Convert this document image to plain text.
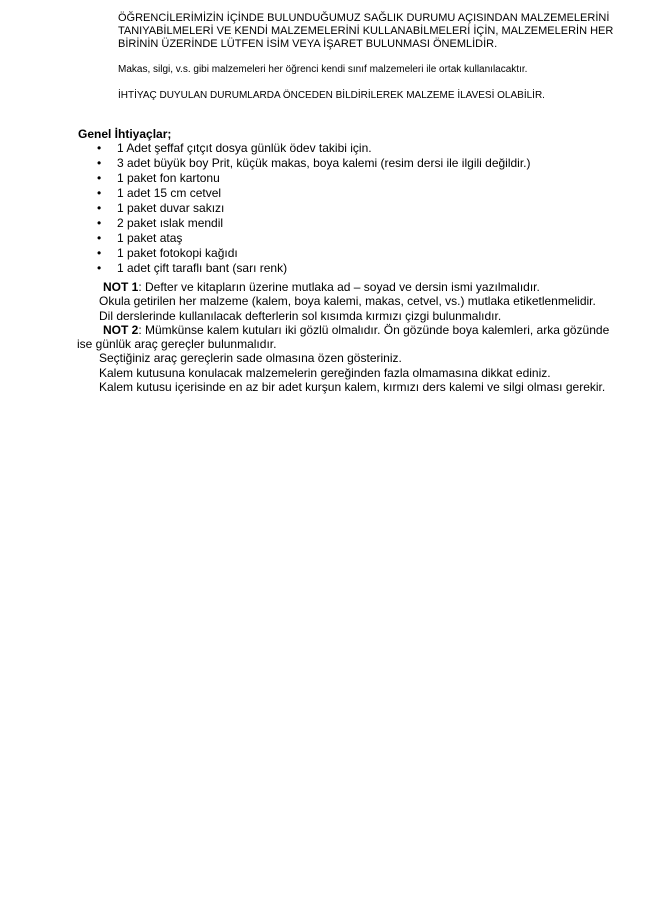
ÖĞRENCİLERİMİZİN İÇİNDE BULUNDUĞUMUZ SAĞLIK DURUMU AÇISINDAN MALZEMELERİNİ TANIYABİLMELERİ VE KENDİ MALZEMELERİNİ KULLANABİLMELERİ İÇİN, MALZEMELERİN HER BİRİNİN ÜZERİNDE LÜTFEN İSİM VEYA İŞARET BULUNMASI ÖNEMLİDİR.

Makas, silgi, v.s. gibi malzemeleri her öğrenci kendi sınıf malzemeleri ile ortak kullanılacaktır.

İHTİYAÇ DUYULAN DURUMLARDA ÖNCEDEN BİLDİRİLEREK MALZEME İLAVESİ OLABİLİR.

Genel İhtiyaçlar;
• 1 Adet şeffaf çıtçıt dosya günlük ödev takibi için.
• 3 adet büyük boy Prit, küçük makas, boya kalemi (resim dersi ile ilgili değildir.)
• 1 paket fon kartonu
• 1 adet 15 cm cetvel
• 1 paket duvar sakızı
• 2 paket ıslak mendil
• 1 paket ataş
• 1 paket fotokopi kağıdı
• 1 adet çift taraflı bant (sarı renk)

NOT 1: Defter ve kitapların üzerine mutlaka ad – soyad ve dersin ismi yazılmalıdır.

Okula getirilen her malzeme (kalem, boya kalemi, makas, cetvel, vs.) mutlaka etiketlenmelidir.

Dil derslerinde kullanılacak defterlerin sol kısımda kırmızı çizgi bulunmalıdır.

NOT 2: Mümkünse kalem kutuları iki gözlü olmalıdır. Ön gözünde boya kalemleri, arka gözünde

ise günlük araç gereçler bulunmalıdır.

Seçtiğiniz araç gereçlerin sade olmasına özen gösteriniz.

Kalem kutusuna konulacak malzemelerin gereğinden fazla olmamasına dikkat ediniz.

Kalem kutusu içerisinde en az bir adet kurşun kalem, kırmızı ders kalemi ve silgi olması gerekir.
